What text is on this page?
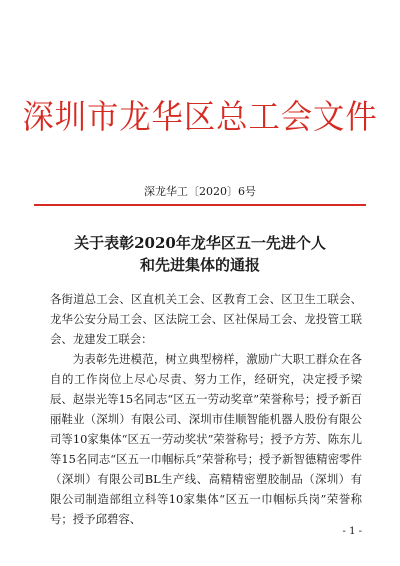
深圳市龙华区总工会文件
深龙华工〔2020〕6号
关于表彰2020年龙华区五一先进个人
和先进集体的通报
各街道总工会、区直机关工会、区教育工会、区卫生工联会、龙华公安分局工会、区法院工会、区社保局工会、龙投管工联会、龙建发工联会：
为表彰先进模范，树立典型榜样，激励广大职工群众在各自的工作岗位上尽心尽责、努力工作，经研究，决定授予梁辰、赵崇光等15名同志“区五一劳动奖章”荣誉称号；授予新百丽鞋业（深圳）有限公司、深圳市佳顺智能机器人股份有限公司等10家集体“区五一劳动奖状”荣誉称号；授予方芳、陈东儿等15名同志“区五一巾帼标兵”荣誉称号；授予新智德精密零件（深圳）有限公司BL生产线、高精精密塑胶制品（深圳）有限公司制造部组立科等10家集体“区五一巾帼标兵岗”荣誉称号；授予邱碧容、
- 1 -
